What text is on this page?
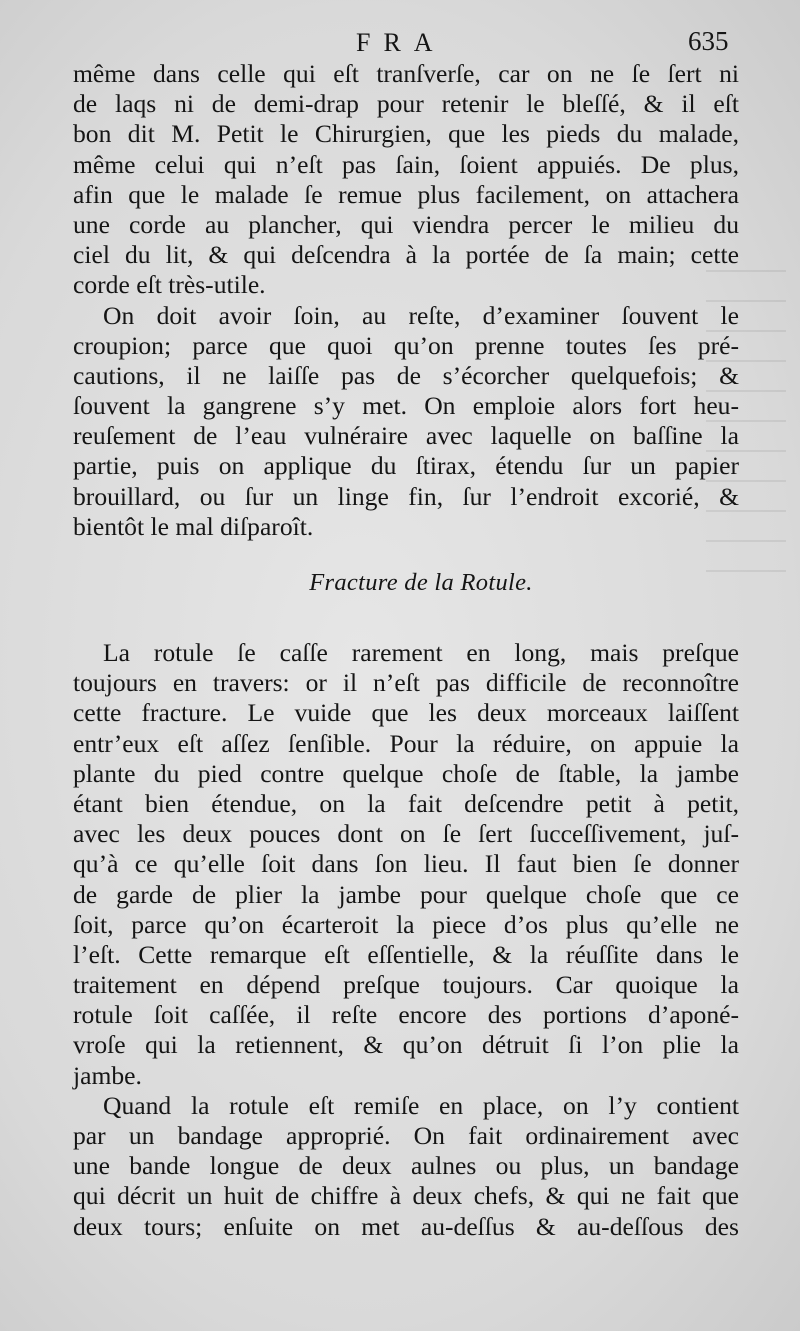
FRA	635
même dans celle qui eſt tranſverſe, car on ne ſe ſert ni
de laqs ni de demi-drap pour retenir le bleſſé, & il eſt
bon dit M. Petit le Chirurgien, que les pieds du malade,
même celui qui n’eſt pas ſain, ſoient appuiés. De plus,
afin que le malade ſe remue plus facilement, on attachera
une corde au plancher, qui viendra percer le milieu du
ciel du lit, & qui deſcendra à la portée de ſa main; cette
corde eſt très-utile.
On doit avoir ſoin, au reſte, d’examiner ſouvent le
croupion; parce que quoi qu’on prenne toutes ſes pré-
cautions, il ne laiſſe pas de s’écorcher quelquefois; &
ſouvent la gangrene s’y met. On emploie alors fort heu-
reuſement de l’eau vulnéraire avec laquelle on baſſine la
partie, puis on applique du ſtirax, étendu ſur un papier
brouillard, ou ſur un linge fin, ſur l’endroit excorié, &
bientôt le mal diſparoît.
Fracture de la Rotule.
La rotule ſe caſſe rarement en long, mais preſque
toujours en travers: or il n’eſt pas difficile de reconnoître
cette fracture. Le vuide que les deux morceaux laiſſent
entr’eux eſt aſſez ſenſible. Pour la réduire, on appuie la
plante du pied contre quelque choſe de ſtable, la jambe
étant bien étendue, on la fait deſcendre petit à petit,
avec les deux pouces dont on ſe ſert ſucceſſivement, juſ-
qu’à ce qu’elle ſoit dans ſon lieu. Il faut bien ſe donner
de garde de plier la jambe pour quelque choſe que ce
ſoit, parce qu’on écarteroit la piece d’os plus qu’elle ne
l’eſt. Cette remarque eſt eſſentielle, & la réuſſite dans le
traitement en dépend preſque toujours. Car quoique la
rotule ſoit caſſée, il reſte encore des portions d’aponé-
vroſe qui la retiennent, & qu’on détruit ſi l’on plie la
jambe.
Quand la rotule eſt remiſe en place, on l’y contient
par un bandage approprié. On fait ordinairement avec
une bande longue de deux aulnes ou plus, un bandage
qui décrit un huit de chiffre à deux chefs, & qui ne fait que
deux tours; enſuite on met au-deſſus & au-deſſous des
